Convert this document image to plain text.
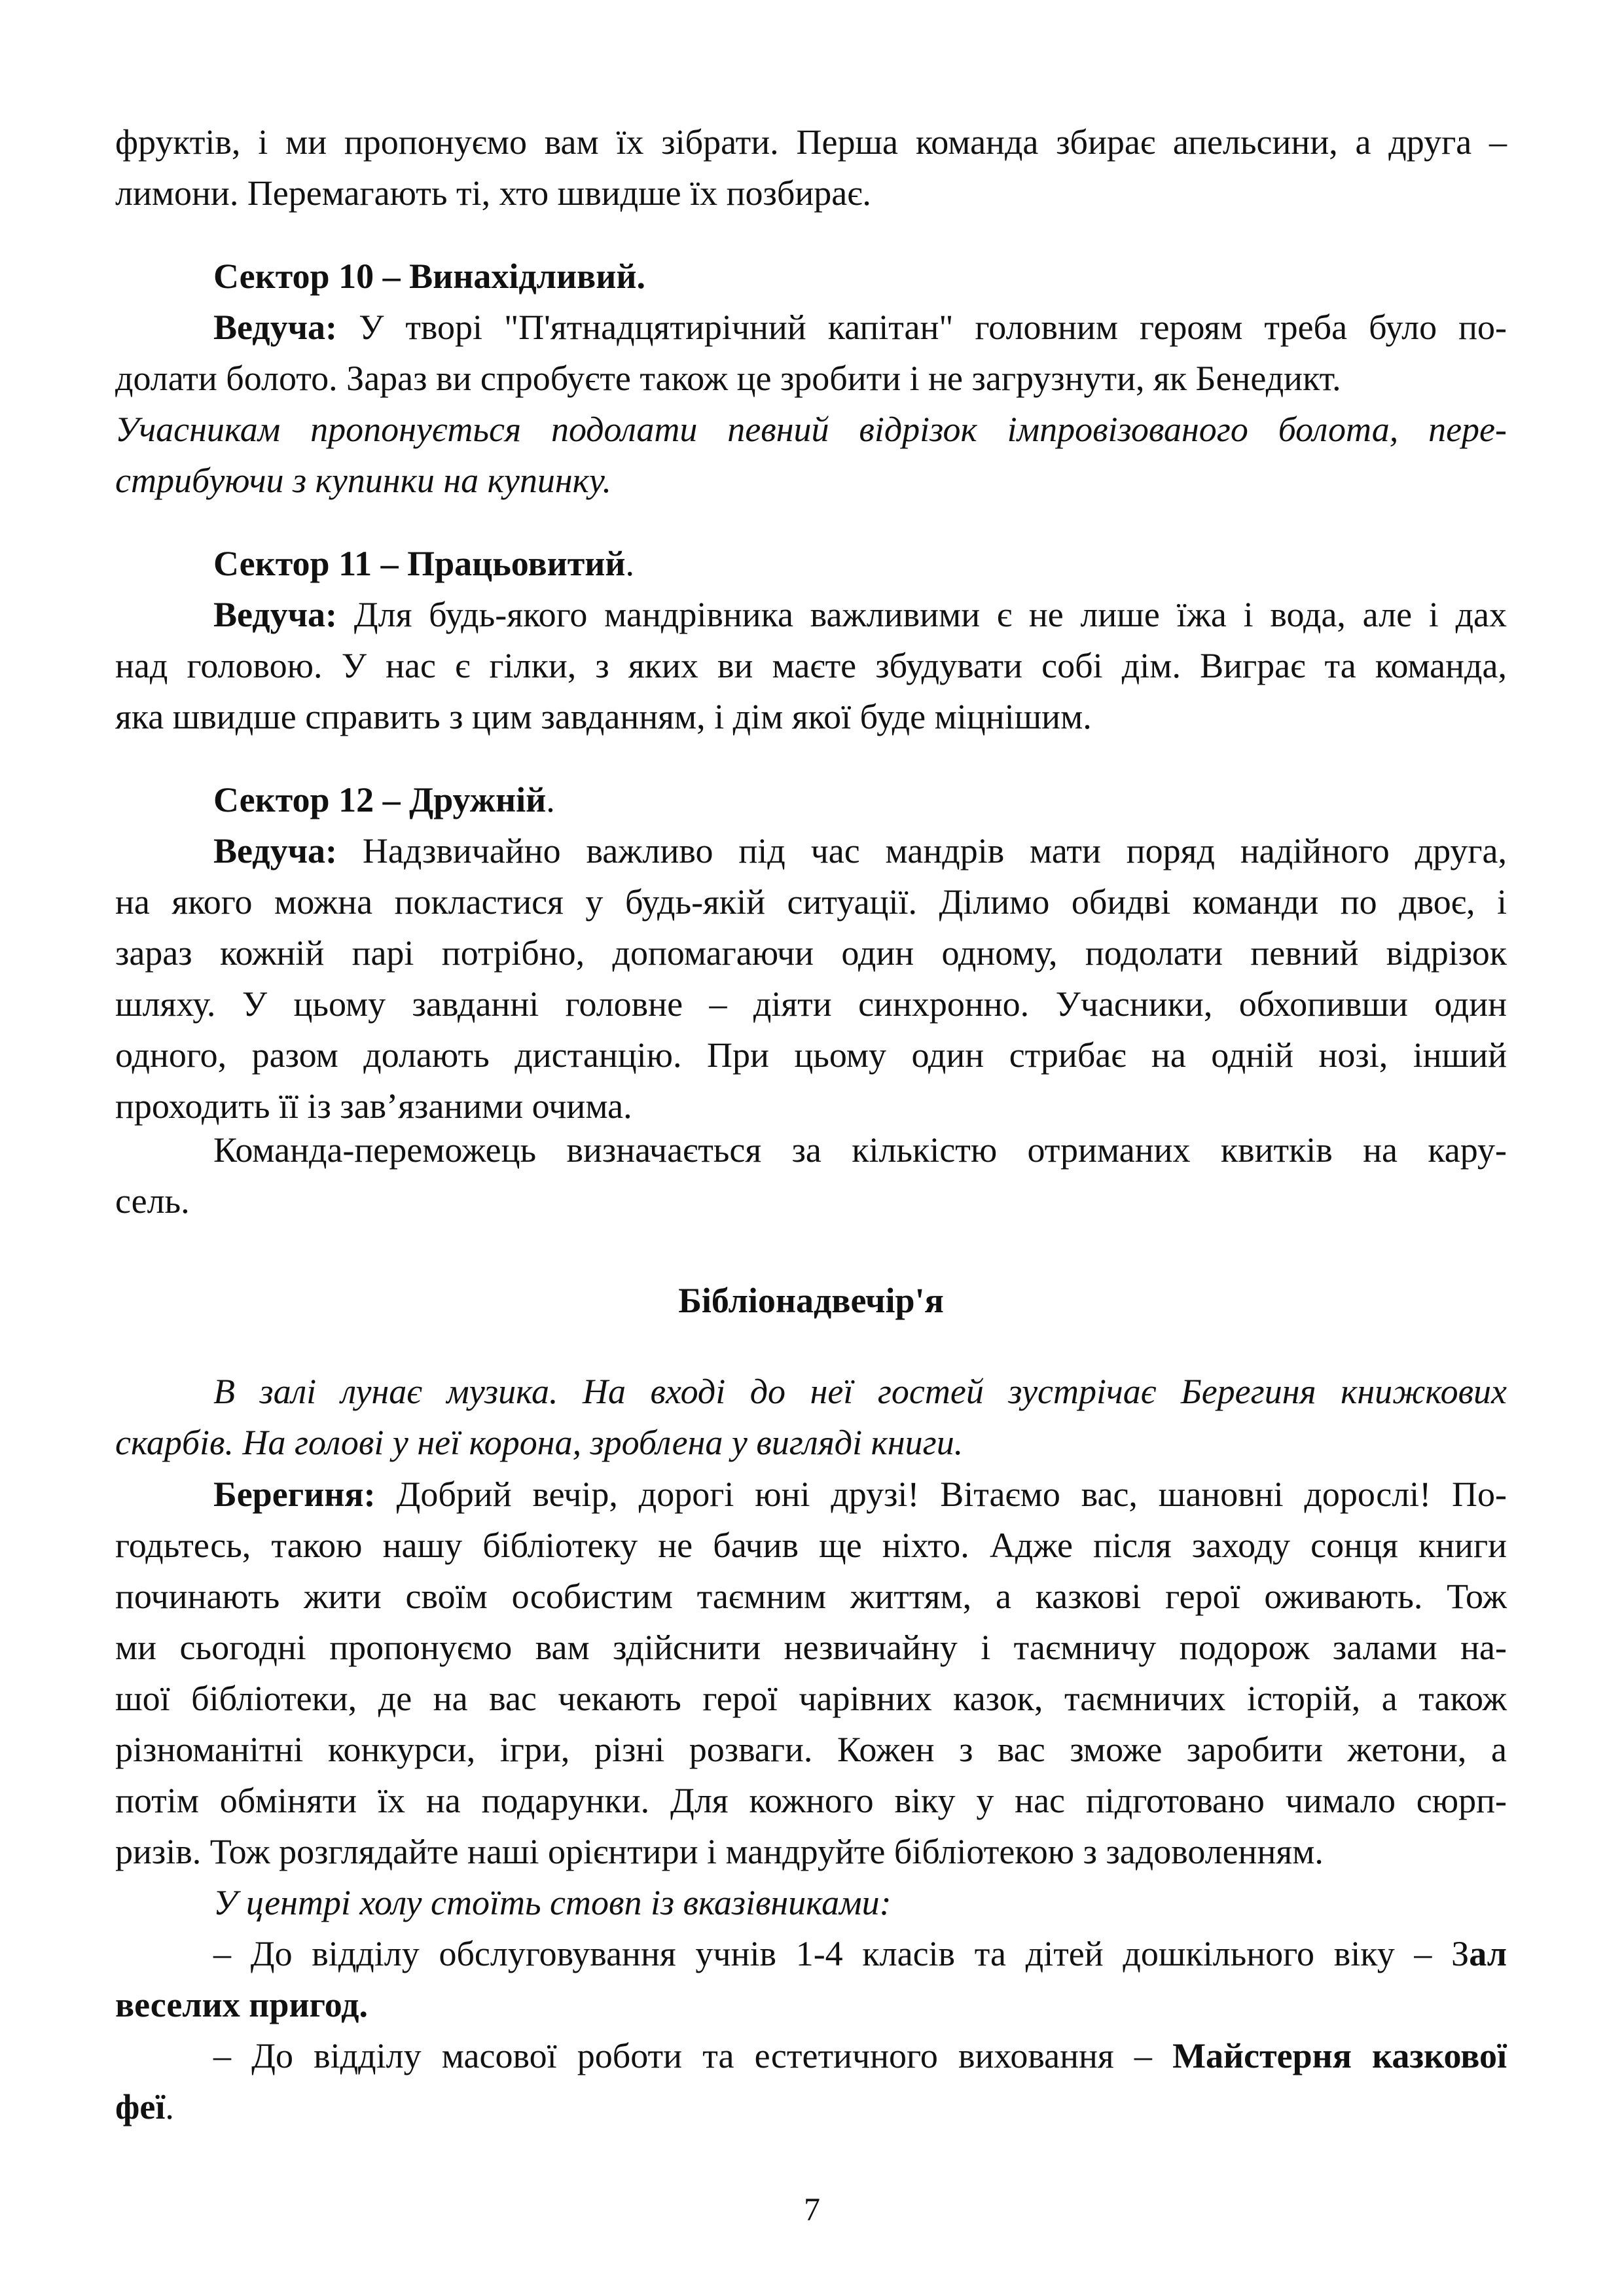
фруктів, і ми пропонуємо вам їх зібрати. Перша команда збирає апельсини, а друга –
лимони. Перемагають ті, хто швидше їх позбирає.
Сектор 10 – Винахідливий.
Ведуча: У творі "П'ятнадцятирічний капітан" головним героям треба було по-
долати болото. Зараз ви спробуєте також це зробити і не загрузнути, як Бенедикт.
Учасникам пропонується подолати певний відрізок імпровізованого болота, пере-
стрибуючи з купинки на купинку.
Сектор 11 – Працьовитий.
Ведуча: Для будь-якого мандрівника важливими є не лише їжа і вода, але і дах
над головою. У нас є гілки, з яких ви маєте збудувати собі дім. Виграє та команда,
яка швидше справить з цим завданням, і дім якої буде міцнішим.
Сектор 12 – Дружній.
Ведуча: Надзвичайно важливо під час мандрів мати поряд надійного друга,
на якого можна покластися у будь-якій ситуації. Ділимо обидві команди по двоє, і
зараз кожній парі потрібно, допомагаючи один одному, подолати певний відрізок
шляху. У цьому завданні головне – діяти синхронно. Учасники, обхопивши один
одного, разом долають дистанцію. При цьому один стрибає на одній нозі, інший
проходить її із зав’язаними очима.
Команда-переможець визначається за кількістю отриманих квитків на кару-
сель.
Бібліонадвечір'я
В залі лунає музика. На вході до неї гостей зустрічає Берегиня книжкових
скарбів. На голові у неї корона, зроблена у вигляді книги.
Берегиня: Добрий вечір, дорогі юні друзі! Вітаємо вас, шановні дорослі! По-
годьтесь, такою нашу бібліотеку не бачив ще ніхто. Адже після заходу сонця книги
починають жити своїм особистим таємним життям, а казкові герої оживають. Тож
ми сьогодні пропонуємо вам здійснити незвичайну і таємничу подорож залами на-
шої бібліотеки, де на вас чекають герої чарівних казок, таємничих історій, а також
різноманітні конкурси, ігри, різні розваги. Кожен з вас зможе заробити жетони, а
потім обміняти їх на подарунки. Для кожного віку у нас підготовано чимало сюрп-
ризів. Тож розглядайте наші орієнтири і мандруйте бібліотекою з задоволенням.
У центрі холу стоїть стовп із вказівниками:
– До відділу обслуговування учнів 1-4 класів та дітей дошкільного віку – Зал
веселих пригод.
– До відділу масової роботи та естетичного виховання – Майстерня казкової
феї.
7
